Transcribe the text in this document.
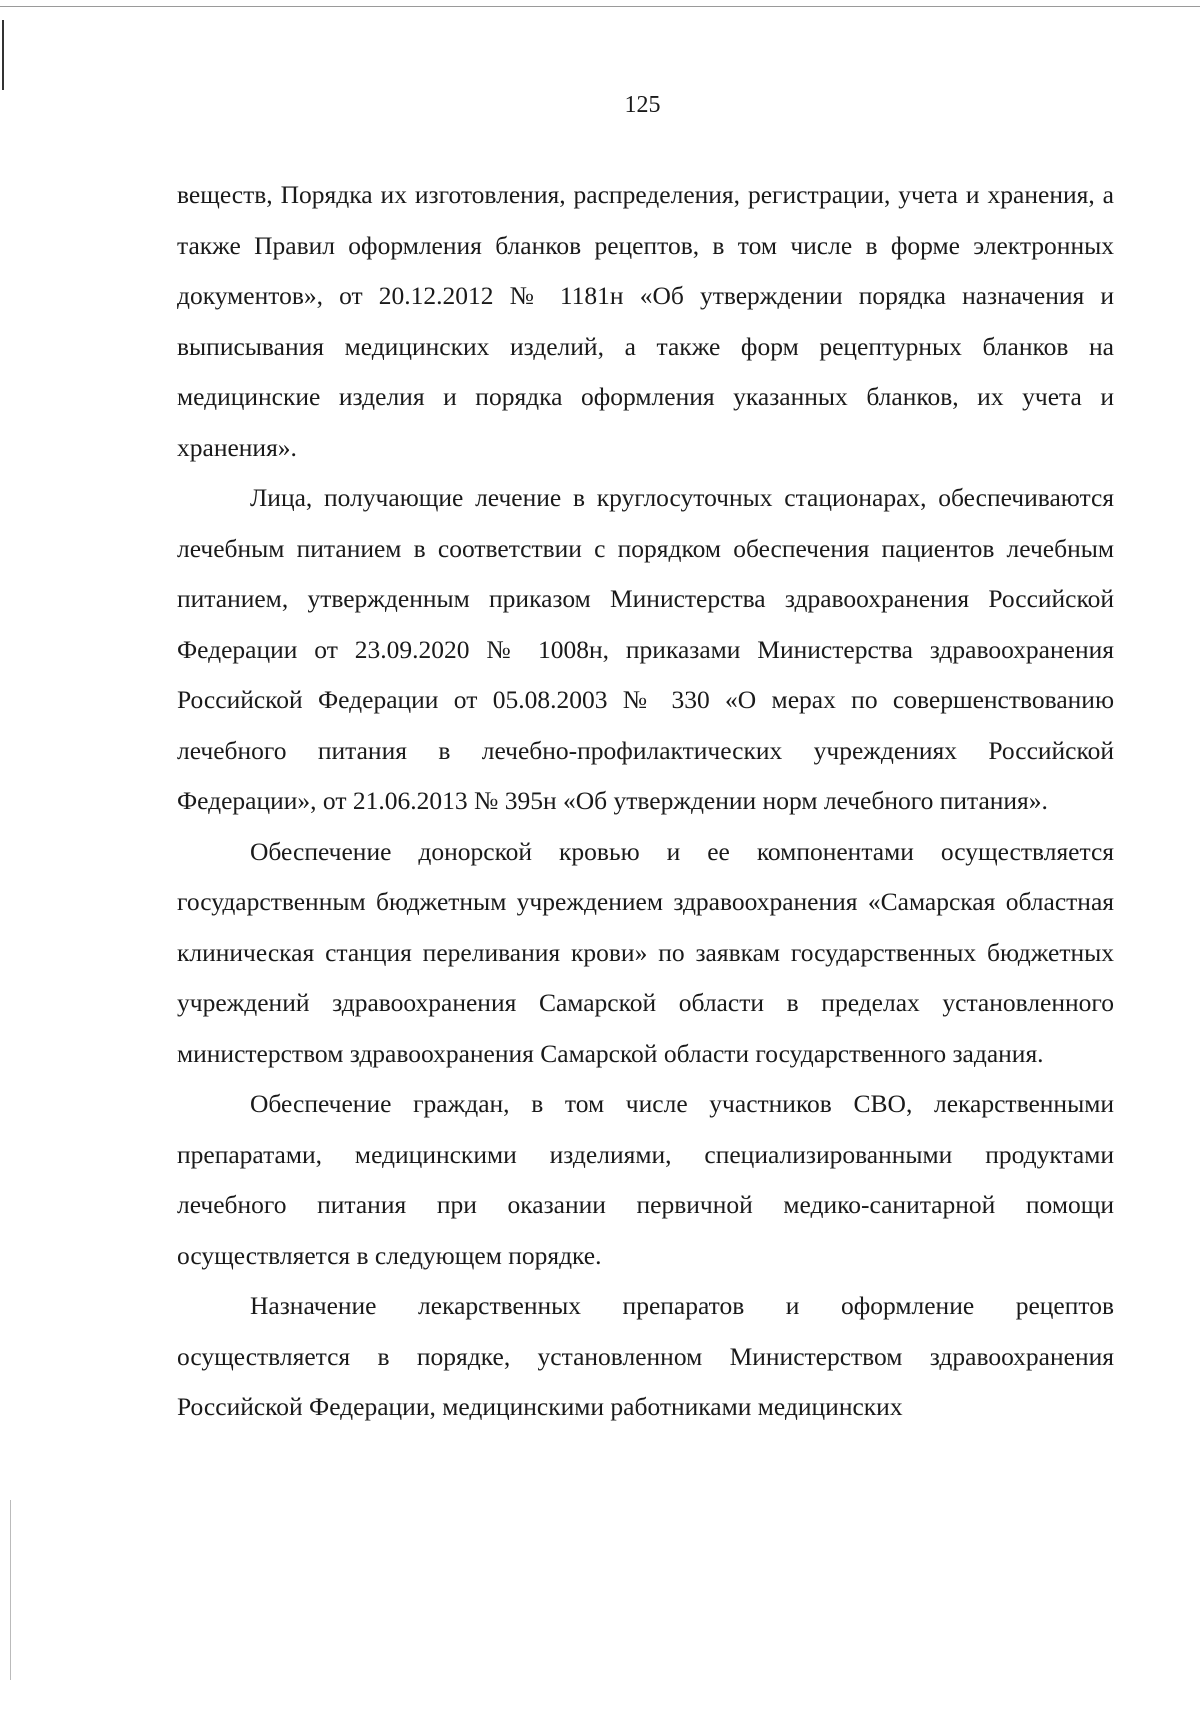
125

веществ, Порядка их изготовления, распределения, регистрации, учета и хранения, а также Правил оформления бланков рецептов, в том числе в форме электронных документов», от 20.12.2012 № 1181н «Об утверждении порядка назначения и выписывания медицинских изделий, а также форм рецептурных бланков на медицинские изделия и порядка оформления указанных бланков, их учета и хранения».

Лица, получающие лечение в круглосуточных стационарах, обеспечиваются лечебным питанием в соответствии с порядком обеспечения пациентов лечебным питанием, утвержденным приказом Министерства здравоохранения Российской Федерации от 23.09.2020 № 1008н, приказами Министерства здравоохранения Российской Федерации от 05.08.2003 № 330 «О мерах по совершенствованию лечебного питания в лечебно-профилактических учреждениях Российской Федерации», от 21.06.2013 № 395н «Об утверждении норм лечебного питания».

Обеспечение донорской кровью и ее компонентами осуществляется государственным бюджетным учреждением здравоохранения «Самарская областная клиническая станция переливания крови» по заявкам государственных бюджетных учреждений здравоохранения Самарской области в пределах установленного министерством здравоохранения Самарской области государственного задания.

Обеспечение граждан, в том числе участников СВО, лекарственными препаратами, медицинскими изделиями, специализированными продуктами лечебного питания при оказании первичной медико-санитарной помощи осуществляется в следующем порядке.

Назначение лекарственных препаратов и оформление рецептов осуществляется в порядке, установленном Министерством здравоохранения Российской Федерации, медицинскими работниками медицинских
